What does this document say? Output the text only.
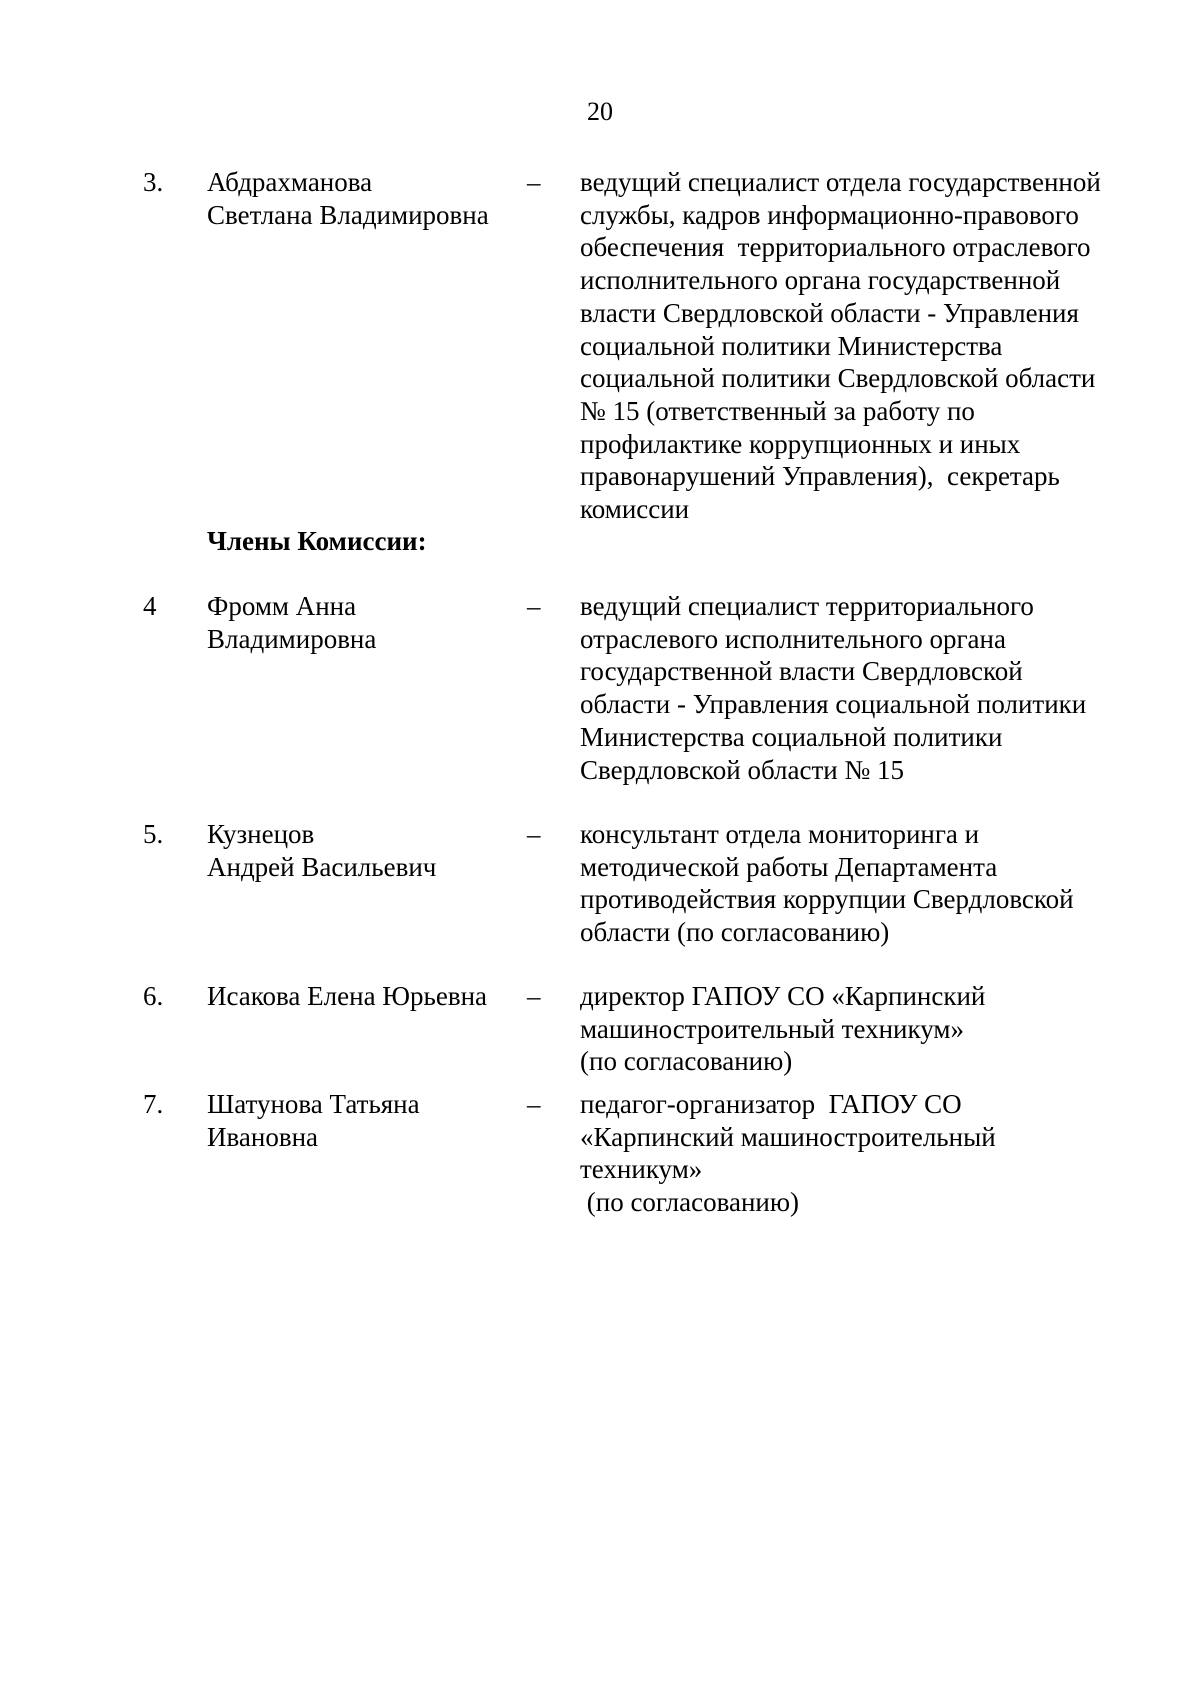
20
3. Абдрахманова
Светлана Владимировна
– ведущий специалист отдела государственной
службы, кадров информационно-правового
обеспечения  территориального отраслевого
исполнительного органа государственной
власти Свердловской области - Управления
социальной политики Министерства
социальной политики Свердловской области
№ 15 (ответственный за работу по
профилактике коррупционных и иных
правонарушений Управления),  секретарь
комиссии
Члены Комиссии:
4 Фромм Анна
Владимировна
– ведущий специалист территориального
отраслевого исполнительного органа
государственной власти Свердловской
области - Управления социальной политики
Министерства социальной политики
Свердловской области № 15
5. Кузнецов
Андрей Васильевич
– консультант отдела мониторинга и
методической работы Департамента
противодействия коррупции Свердловской
области (по согласованию)
6. Исакова Елена Юрьевна	– директор ГАПОУ СО «Карпинский
машиностроительный техникум»
(по согласованию)
7. Шатунова Татьяна
Ивановна
– педагог-организатор  ГАПОУ СО
«Карпинский машиностроительный
техникум»
(по согласованию)
